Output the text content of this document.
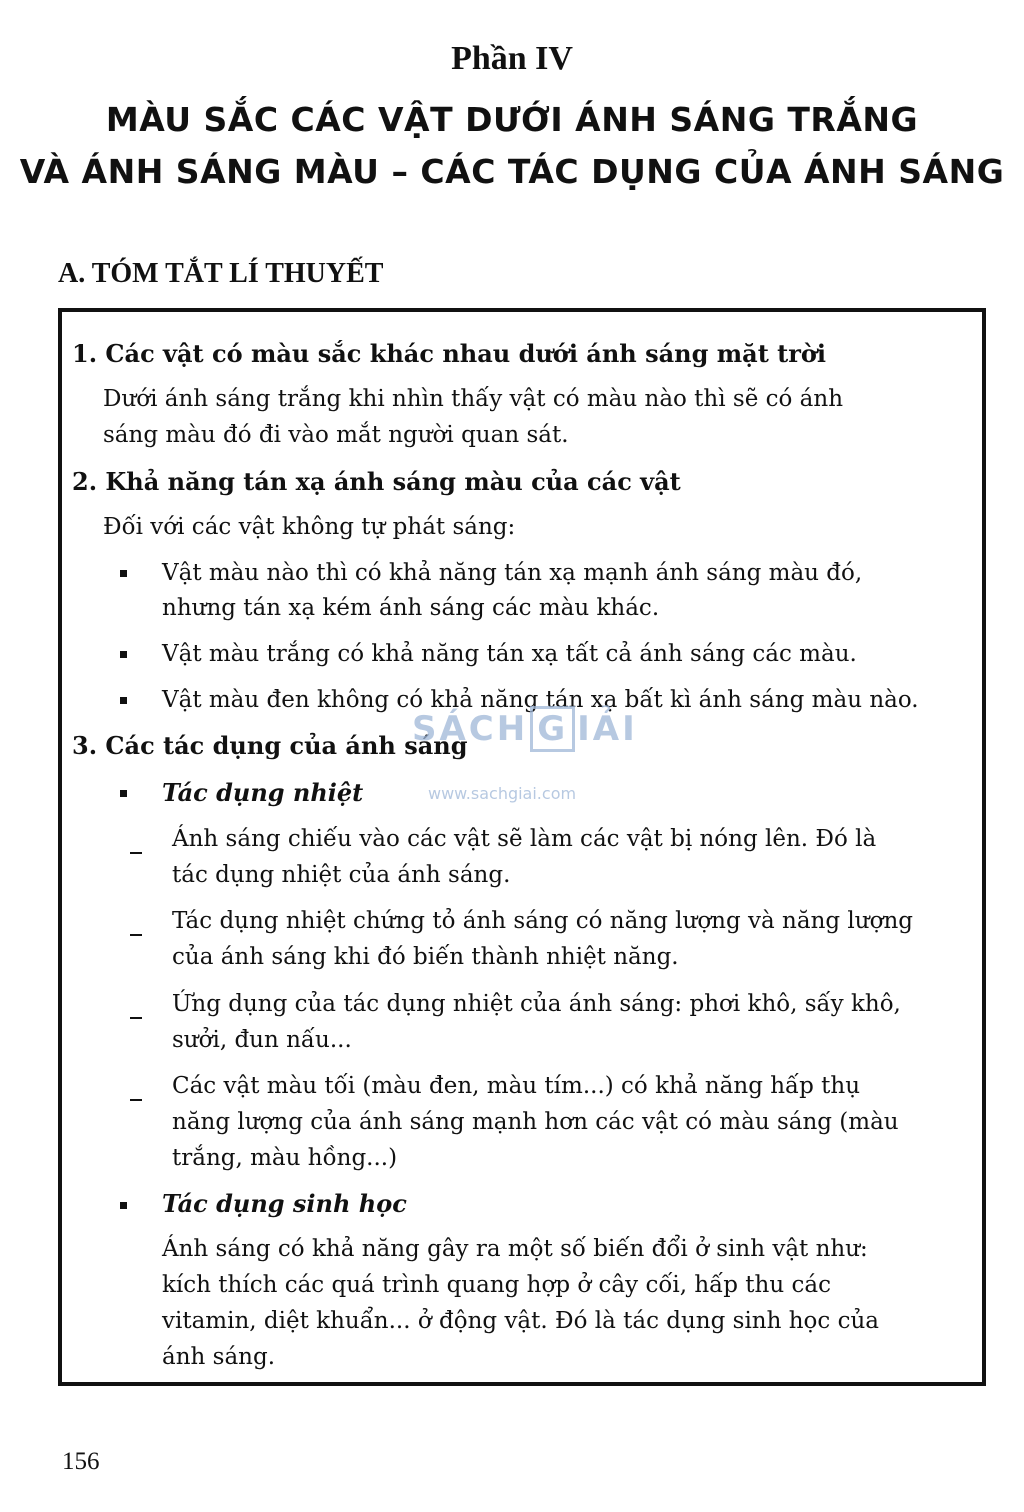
Phần IV
MÀU SẮC CÁC VẬT DƯỚI ÁNH SÁNG TRẮNG
VÀ ÁNH SÁNG MÀU – CÁC TÁC DỤNG CỦA ÁNH SÁNG
A. TÓM TẮT LÍ THUYẾT
1. Các vật có màu sắc khác nhau dưới ánh sáng mặt trời
Dưới ánh sáng trắng khi nhìn thấy vật có màu nào thì sẽ có ánh
sáng màu đó đi vào mắt người quan sát.
2. Khả năng tán xạ ánh sáng màu của các vật
Đối với các vật không tự phát sáng:
Vật màu nào thì có khả năng tán xạ mạnh ánh sáng màu đó,
nhưng tán xạ kém ánh sáng các màu khác.
Vật màu trắng có khả năng tán xạ tất cả ánh sáng các màu.
Vật màu đen không có khả năng tán xạ bất kì ánh sáng màu nào.
3. Các tác dụng của ánh sáng
Tác dụng nhiệt
Ánh sáng chiếu vào các vật sẽ làm các vật bị nóng lên. Đó là
tác dụng nhiệt của ánh sáng.
Tác dụng nhiệt chứng tỏ ánh sáng có năng lượng và năng lượng
của ánh sáng khi đó biến thành nhiệt năng.
Ứng dụng của tác dụng nhiệt của ánh sáng: phơi khô, sấy khô,
sưởi, đun nấu...
Các vật màu tối (màu đen, màu tím...) có khả năng hấp thụ
năng lượng của ánh sáng mạnh hơn các vật có màu sáng (màu
trắng, màu hồng...)
Tác dụng sinh học
Ánh sáng có khả năng gây ra một số biến đổi ở sinh vật như:
kích thích các quá trình quang hợp ở cây cối, hấp thu các
vitamin, diệt khuẩn... ở động vật. Đó là tác dụng sinh học của
ánh sáng.
SÁCH G IẢI
www.sachgiai.com
156
